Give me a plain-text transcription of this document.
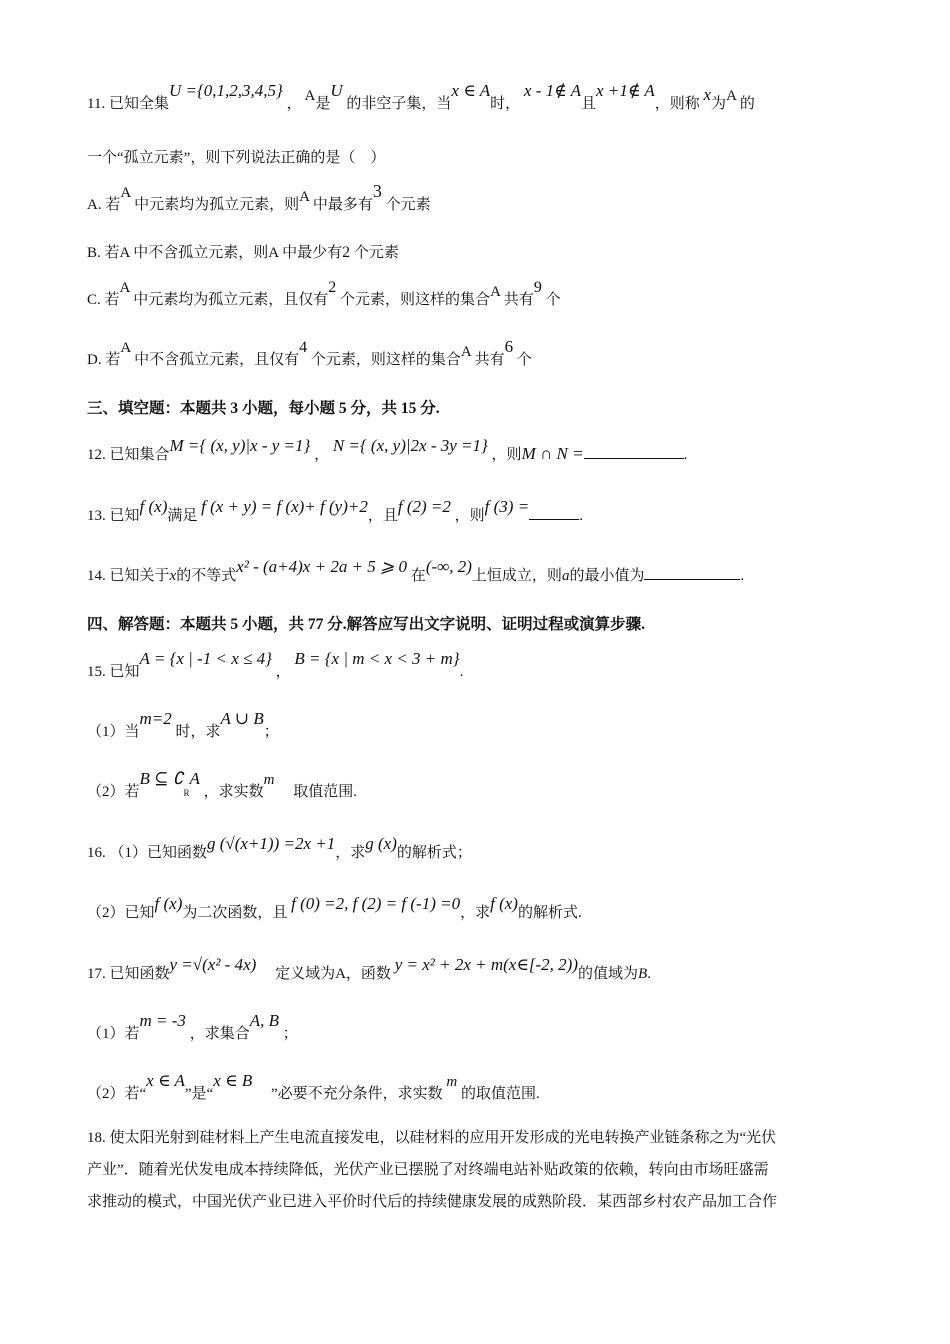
11. 已知全集U ={0,1,2,3,4,5} ， A是U 的非空子集，当x ∈ A时， x - 1∉ A且x +1∉ A，则称 x为A 的
一个“孤立元素”，则下列说法正确的是（　）
A. 若A 中元素均为孤立元素，则A 中最多有3 个元素
B. 若A 中不含孤立元素，则A 中最少有2 个元素
C. 若A 中元素均为孤立元素，且仅有2 个元素，则这样的集合A 共有9 个
D. 若A 中不含孤立元素，且仅有4 个元素，则这样的集合A 共有6 个
三、填空题：本题共 3 小题，每小题 5 分，共 15 分.
12. 已知集合M ={ (x, y)|x - y =1} ， N ={ (x, y)|2x - 3y =1} ，则M ∩ N =	.
13. 已知f (x)满足 f (x + y) = f (x)+ f (y)+2，且f (2) =2 ，则f (3) =	.
14. 已知关于x的不等式x² - (a+4)x + 2a + 5 ⩾ 0 在(-∞, 2)上恒成立，则a的最小值为	.
四、解答题：本题共 5 小题，共 77 分.解答应写出文字说明、证明过程或演算步骤.
15. 已知A = {x | -1 < x ≤ 4} ， B = {x | m < x < 3 + m}.
（1）当m=2 时，求A ∪ B；
（2）若B ⊆ ∁RA ，求实数m 　取值范围.
16. （1）已知函数g (√(x+1)) =2x +1，求g (x)的解析式；
（2）已知f (x)为二次函数，且 f (0) =2, f (2) = f (-1) =0，求f (x)的解析式.
17. 已知函数y =√(x² - 4x) 　 定义域为A，函数 y = x² + 2x + m(x∈[-2, 2))的值域为B.
（1）若m = -3 ，求集合A, B ；
（2）若“x ∈ A”是“x ∈ B 　”必要不充分条件，求实数 m 的取值范围.
18. 使太阳光射到硅材料上产生电流直接发电，以硅材料的应用开发形成的光电转换产业链条称之为“光伏
产业”．随着光伏发电成本持续降低，光伏产业已摆脱了对终端电站补贴政策的依赖，转向由市场旺盛需
求推动的模式，中国光伏产业已进入平价时代后的持续健康发展的成熟阶段．某西部乡村农产品加工合作
